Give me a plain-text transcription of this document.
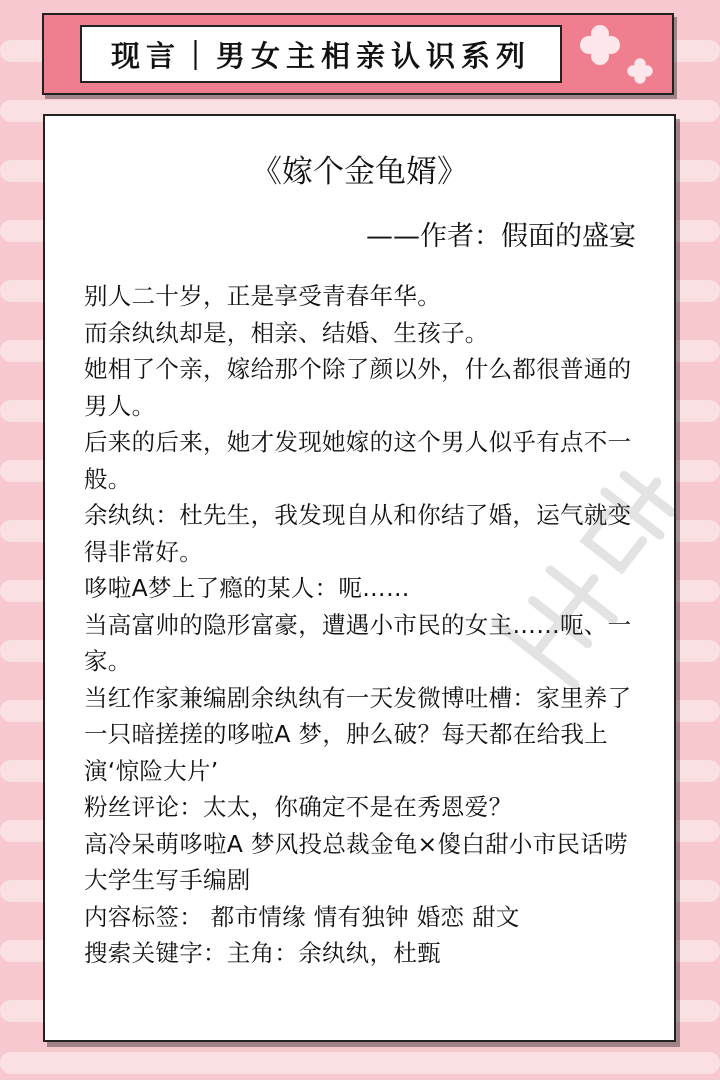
现言｜男女主相亲认识系列
《嫁个金龟婿》
——作者：假面的盛宴

别人二十岁，正是享受青春年华。

而余纨纨却是，相亲、结婚、生孩子。

她相了个亲，嫁给那个除了颜以外，什么都很普通的男人。

后来的后来，她才发现她嫁的这个男人似乎有点不一般。

余纨纨：杜先生，我发现自从和你结了婚，运气就变得非常好。

哆啦A梦上了瘾的某人：呃……

当高富帅的隐形富豪，遭遇小市民的女主……呃、一家。

当红作家兼编剧余纨纨有一天发微博吐槽：家里养了一只暗搓搓的哆啦A 梦，肿么破？每天都在给我上演‘惊险大片’

粉丝评论：太太，你确定不是在秀恩爱？

高冷呆萌哆啦A 梦风投总裁金龟×傻白甜小市民话唠大学生写手编剧

内容标签： 都市情缘 情有独钟 婚恋 甜文

搜索关键字：主角：余纨纨，杜甄
